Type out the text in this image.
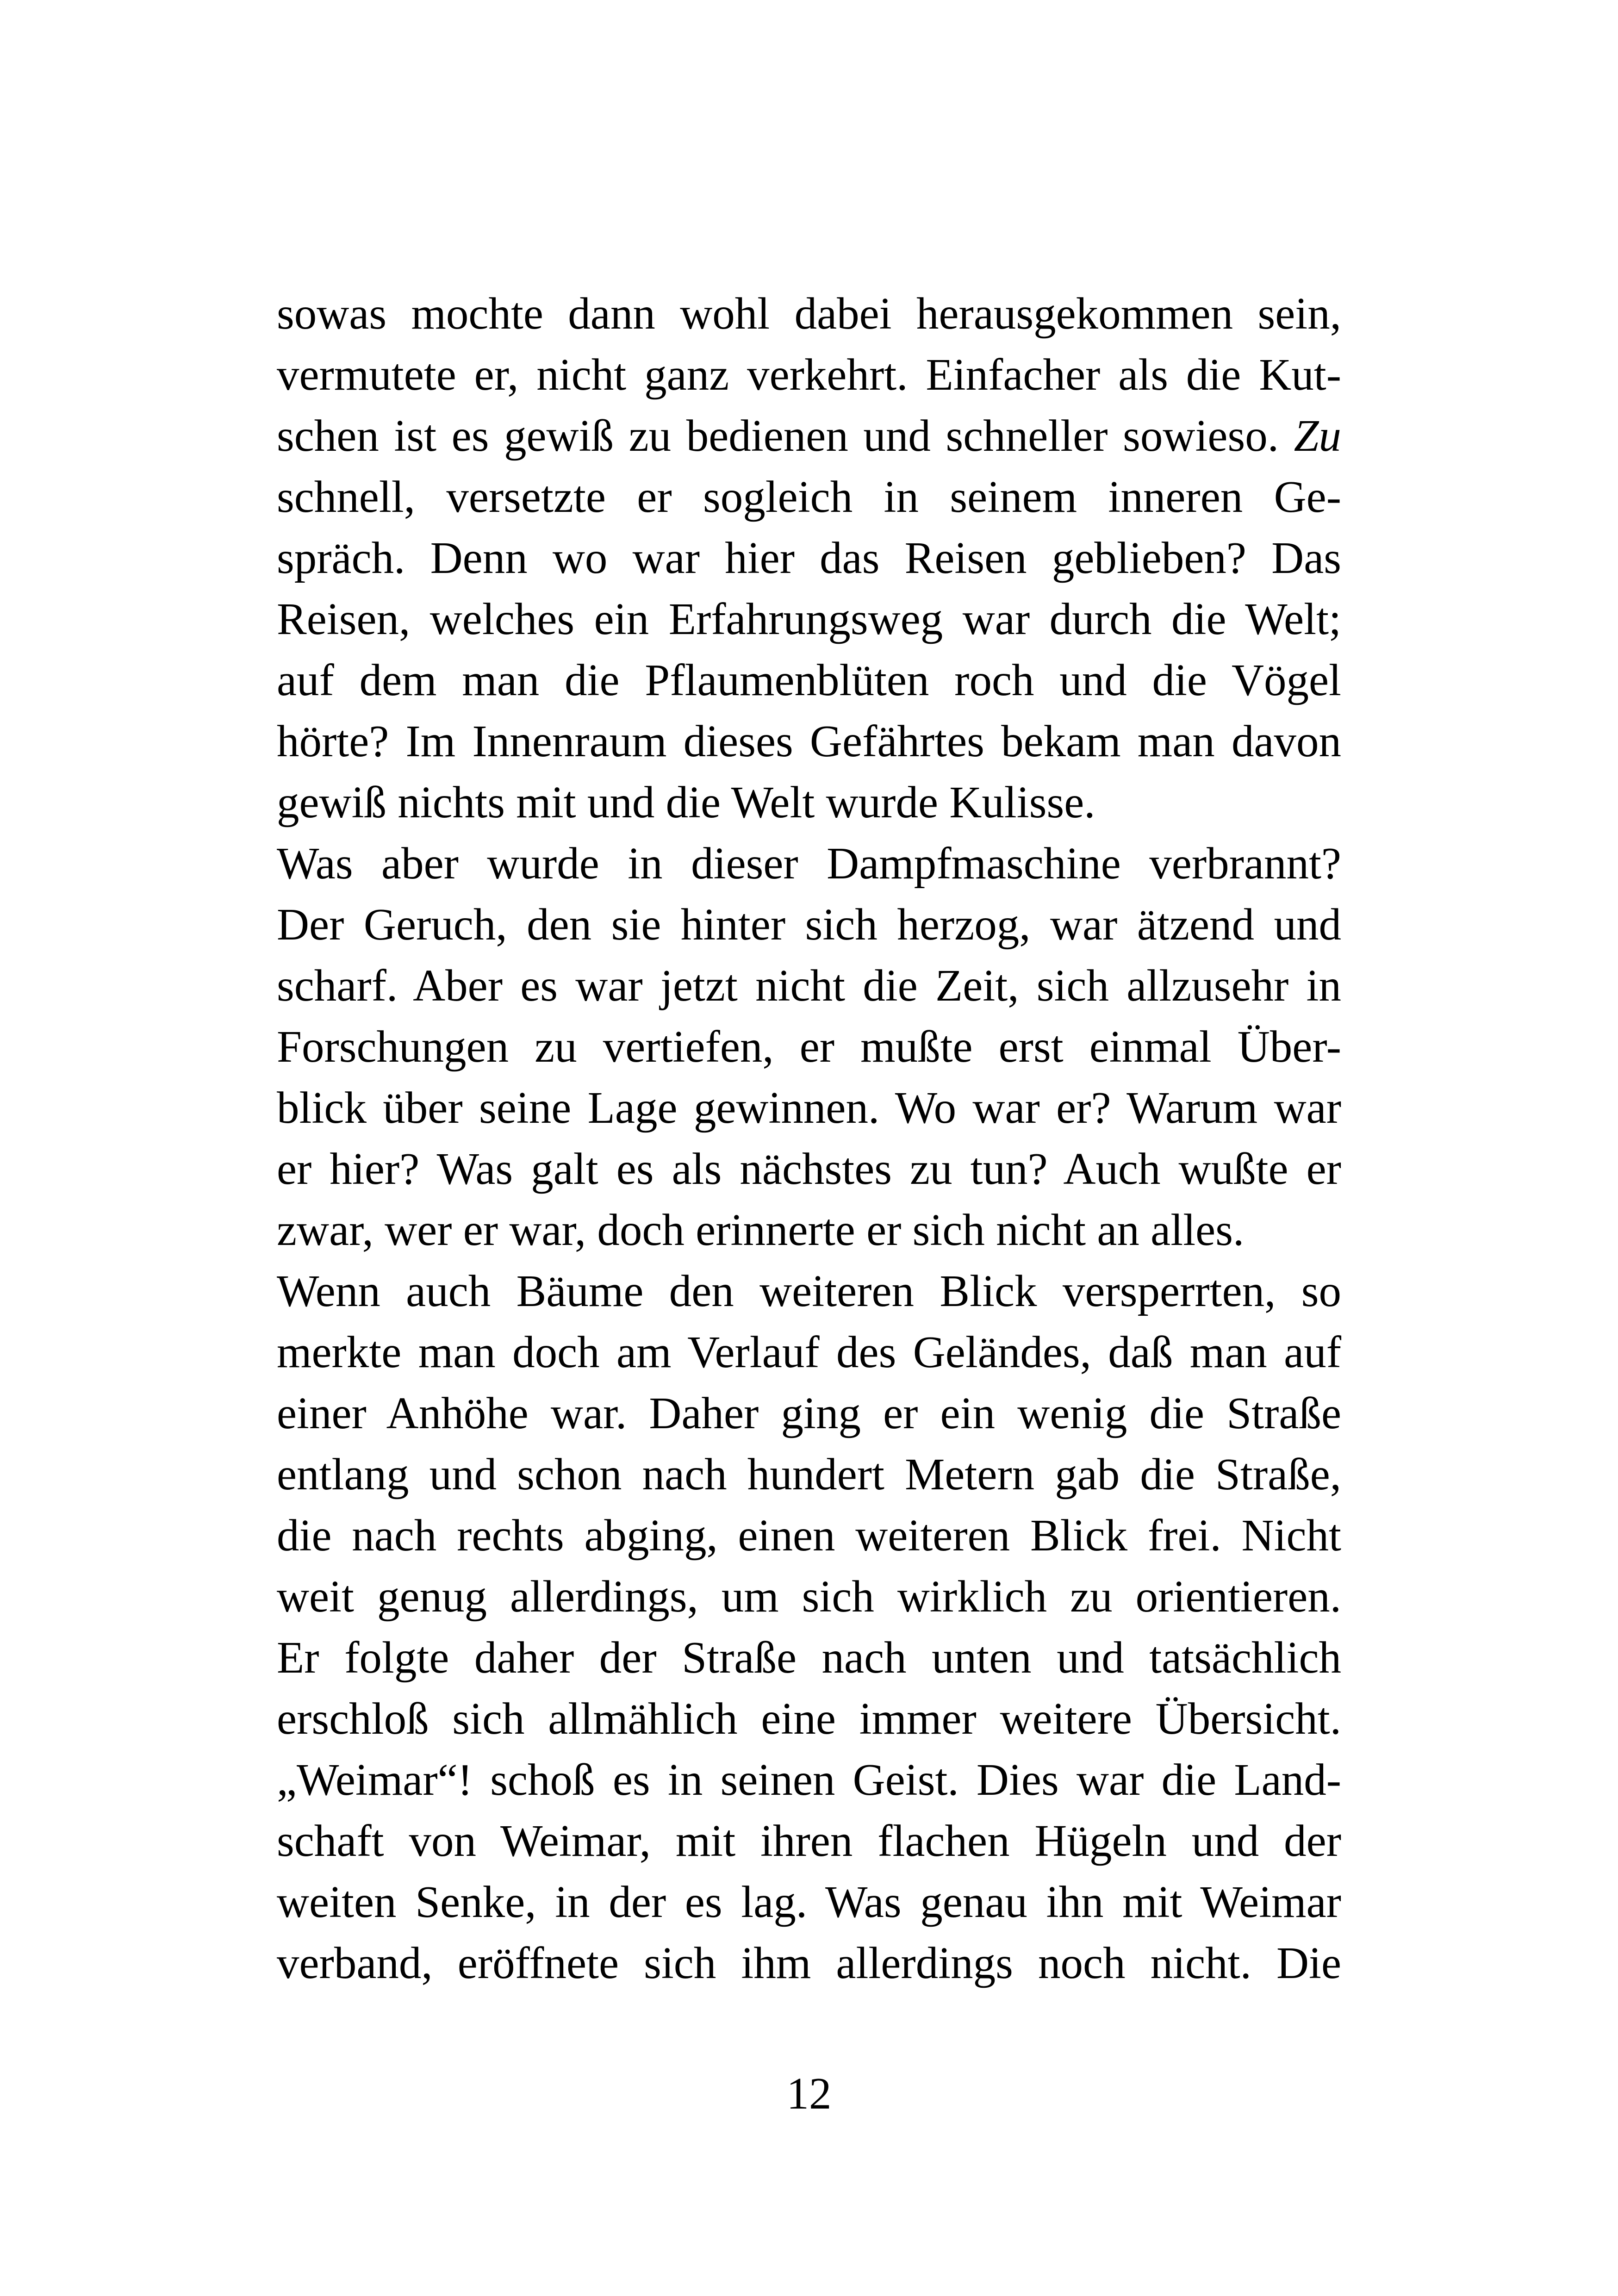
sowas mochte dann wohl dabei herausgekommen sein,
vermutete er, nicht ganz verkehrt. Einfacher als die Kut-
schen ist es gewiß zu bedienen und schneller sowieso. Zu
schnell, versetzte er sogleich in seinem inneren Ge-
spräch. Denn wo war hier das Reisen geblieben? Das
Reisen, welches ein Erfahrungsweg war durch die Welt;
auf dem man die Pflaumenblüten roch und die Vögel
hörte? Im Innenraum dieses Gefährtes bekam man davon
gewiß nichts mit und die Welt wurde Kulisse.
Was aber wurde in dieser Dampfmaschine verbrannt?
Der Geruch, den sie hinter sich herzog, war ätzend und
scharf. Aber es war jetzt nicht die Zeit, sich allzusehr in
Forschungen zu vertiefen, er mußte erst einmal Über-
blick über seine Lage gewinnen. Wo war er? Warum war
er hier? Was galt es als nächstes zu tun? Auch wußte er
zwar, wer er war, doch erinnerte er sich nicht an alles.
Wenn auch Bäume den weiteren Blick versperrten, so
merkte man doch am Verlauf des Geländes, daß man auf
einer Anhöhe war. Daher ging er ein wenig die Straße
entlang und schon nach hundert Metern gab die Straße,
die nach rechts abging, einen weiteren Blick frei. Nicht
weit genug allerdings, um sich wirklich zu orientieren.
Er folgte daher der Straße nach unten und tatsächlich
erschloß sich allmählich eine immer weitere Übersicht.
„Weimar“! schoß es in seinen Geist. Dies war die Land-
schaft von Weimar, mit ihren flachen Hügeln und der
weiten Senke, in der es lag. Was genau ihn mit Weimar
verband, eröffnete sich ihm allerdings noch nicht. Die
12
